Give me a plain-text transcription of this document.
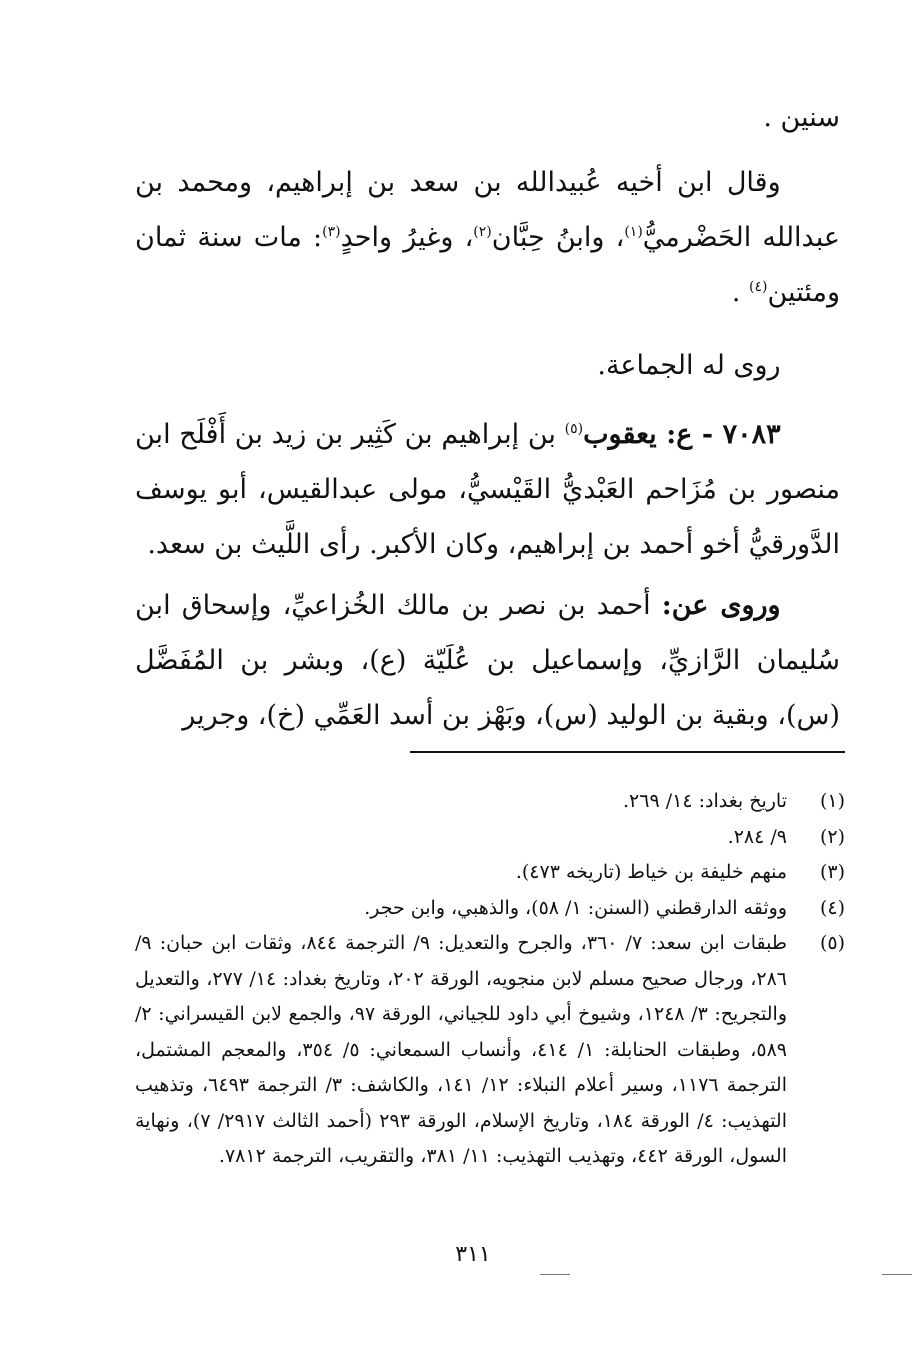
سنين .

وقال ابن أخيه عُبيدالله بن سعد بن إبراهيم، ومحمد بن عبدالله الحَضْرميُّ$^{(١)}$، وابنُ حِبَّان$^{(٢)}$، وغيرُ واحدٍ$^{(٣)}$: مات سنة ثمان ومئتين$^{(٤)}$ .

روى له الجماعة.

٧٠٨٣ - ع: يعقوب$^{(٥)}$ بن إبراهيم بن كَثِير بن زيد بن أَفْلَح ابن منصور بن مُزَاحم العَبْديُّ القَيْسيُّ، مولى عبدالقيس، أبو يوسف الدَّورقيُّ أخو أحمد بن إبراهيم، وكان الأكبر. رأى اللَّيث بن سعد.

وروى عن: أحمد بن نصر بن مالك الخُزاعيِّ، وإسحاق ابن سُليمان الرَّازيِّ، وإسماعيل بن عُلَيّة (ع)، وبشر بن المُفَضَّل (س)، وبقية بن الوليد (س)، وبَهْز بن أسد العَمِّي (خ)، وجرير

(١)
تاريخ بغداد: ١٤/ ٢٦٩.
(٢)
٩/ ٢٨٤.
(٣)
منهم خليفة بن خياط (تاريخه ٤٧٣).
(٤)
ووثقه الدارقطني (السنن: ١/ ٥٨)، والذهبي، وابن حجر.
(٥)
طبقات ابن سعد: ٧/ ٣٦٠، والجرح والتعديل: ٩/ الترجمة ٨٤٤، وثقات ابن حبان: ٩/ ٢٨٦، ورجال صحيح مسلم لابن منجويه، الورقة ٢٠٢، وتاريخ بغداد: ١٤/ ٢٧٧، والتعديل والتجريح: ٣/ ١٢٤٨، وشيوخ أبي داود للجياني، الورقة ٩٧، والجمع لابن القيسراني: ٢/ ٥٨٩، وطبقات الحنابلة: ١/ ٤١٤، وأنساب السمعاني: ٥/ ٣٥٤، والمعجم المشتمل، الترجمة ١١٧٦، وسير أعلام النبلاء: ١٢/ ١٤١، والكاشف: ٣/ الترجمة ٦٤٩٣، وتذهيب التهذيب: ٤/ الورقة ١٨٤، وتاريخ الإسلام، الورقة ٢٩٣ (أحمد الثالث ٢٩١٧/ ٧)، ونهاية السول، الورقة ٤٤٢، وتهذيب التهذيب: ١١/ ٣٨١، والتقريب، الترجمة ٧٨١٢.
٣١١
